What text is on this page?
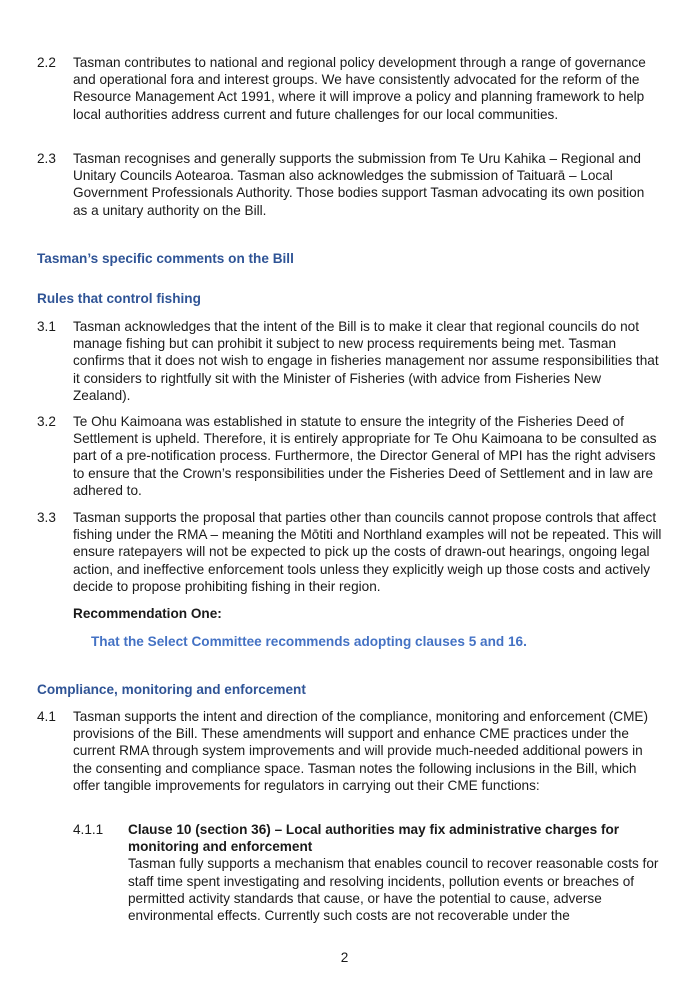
2.2 Tasman contributes to national and regional policy development through a range of governance and operational fora and interest groups. We have consistently advocated for the reform of the Resource Management Act 1991, where it will improve a policy and planning framework to help local authorities address current and future challenges for our local communities.
2.3 Tasman recognises and generally supports the submission from Te Uru Kahika – Regional and Unitary Councils Aotearoa. Tasman also acknowledges the submission of Taituarā – Local Government Professionals Authority. Those bodies support Tasman advocating its own position as a unitary authority on the Bill.
Tasman’s specific comments on the Bill
Rules that control fishing
3.1 Tasman acknowledges that the intent of the Bill is to make it clear that regional councils do not manage fishing but can prohibit it subject to new process requirements being met. Tasman confirms that it does not wish to engage in fisheries management nor assume responsibilities that it considers to rightfully sit with the Minister of Fisheries (with advice from Fisheries New Zealand).
3.2 Te Ohu Kaimoana was established in statute to ensure the integrity of the Fisheries Deed of Settlement is upheld. Therefore, it is entirely appropriate for Te Ohu Kaimoana to be consulted as part of a pre-notification process. Furthermore, the Director General of MPI has the right advisers to ensure that the Crown’s responsibilities under the Fisheries Deed of Settlement and in law are adhered to.
3.3 Tasman supports the proposal that parties other than councils cannot propose controls that affect fishing under the RMA – meaning the Mōtiti and Northland examples will not be repeated. This will ensure ratepayers will not be expected to pick up the costs of drawn-out hearings, ongoing legal action, and ineffective enforcement tools unless they explicitly weigh up those costs and actively decide to propose prohibiting fishing in their region.
Recommendation One:
That the Select Committee recommends adopting clauses 5 and 16.
Compliance, monitoring and enforcement
4.1 Tasman supports the intent and direction of the compliance, monitoring and enforcement (CME) provisions of the Bill. These amendments will support and enhance CME practices under the current RMA through system improvements and will provide much-needed additional powers in the consenting and compliance space. Tasman notes the following inclusions in the Bill, which offer tangible improvements for regulators in carrying out their CME functions:
4.1.1 Clause 10 (section 36) – Local authorities may fix administrative charges for monitoring and enforcement
Tasman fully supports a mechanism that enables council to recover reasonable costs for staff time spent investigating and resolving incidents, pollution events or breaches of permitted activity standards that cause, or have the potential to cause, adverse environmental effects. Currently such costs are not recoverable under the
2
